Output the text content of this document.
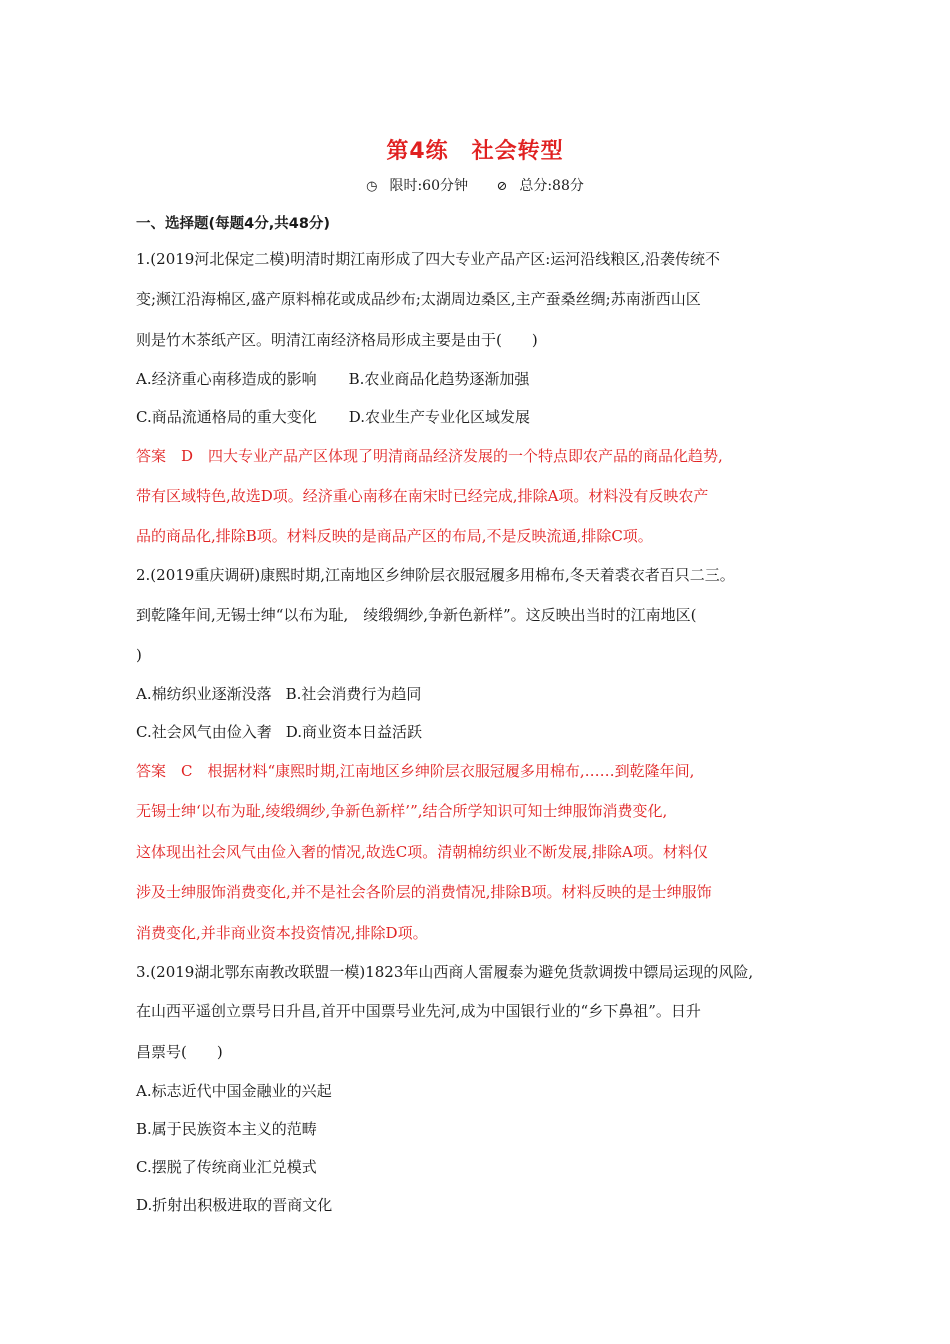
第4练　社会转型
◷ 限时:60分钟 ⊘ 总分:88分
一、选择题(每题4分,共48分)
1.(2019河北保定二模)明清时期江南形成了四大专业产品产区:运河沿线粮区,沿袭传统不
变;濒江沿海棉区,盛产原料棉花或成品纱布;太湖周边桑区,主产蚕桑丝绸;苏南浙西山区
则是竹木茶纸产区。明清江南经济格局形成主要是由于(　　)
A.经济重心南移造成的影响 B.农业商品化趋势逐渐加强
C.商品流通格局的重大变化 D.农业生产专业化区域发展
答案　D　四大专业产品产区体现了明清商品经济发展的一个特点即农产品的商品化趋势,
带有区域特色,故选D项。经济重心南移在南宋时已经完成,排除A项。材料没有反映农产
品的商品化,排除B项。材料反映的是商品产区的布局,不是反映流通,排除C项。
2.(2019重庆调研)康熙时期,江南地区乡绅阶层衣服冠履多用棉布,冬天着裘衣者百只二三。
到乾隆年间,无锡士绅“以布为耻,　绫缎绸纱,争新色新样”。这反映出当时的江南地区(
)
A.棉纺织业逐渐没落 B.社会消费行为趋同
C.社会风气由俭入奢 D.商业资本日益活跃
答案　C　根据材料“康熙时期,江南地区乡绅阶层衣服冠履多用棉布,……到乾隆年间,
无锡士绅‘以布为耻,绫缎绸纱,争新色新样’”,结合所学知识可知士绅服饰消费变化,
这体现出社会风气由俭入奢的情况,故选C项。清朝棉纺织业不断发展,排除A项。材料仅
涉及士绅服饰消费变化,并不是社会各阶层的消费情况,排除B项。材料反映的是士绅服饰
消费变化,并非商业资本投资情况,排除D项。
3.(2019湖北鄂东南教改联盟一模)1823年山西商人雷履泰为避免货款调拨中镖局运现的风险,
在山西平遥创立票号日升昌,首开中国票号业先河,成为中国银行业的“乡下鼻祖”。日升
昌票号(　　)
A.标志近代中国金融业的兴起
B.属于民族资本主义的范畴
C.摆脱了传统商业汇兑模式
D.折射出积极进取的晋商文化
